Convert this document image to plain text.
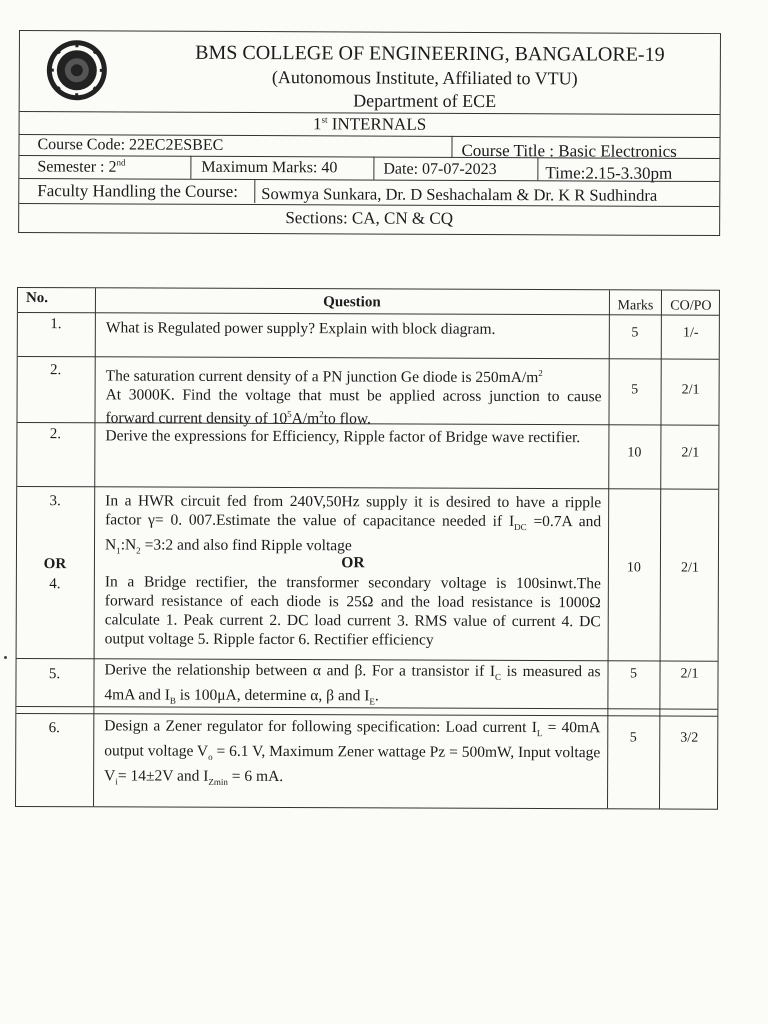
BMS COLLEGE OF ENGINEERING, BANGALORE-19
(Autonomous Institute, Affiliated to VTU)
Department of ECE
1st INTERNALS
Course Code: 22EC2ESBEC	Course Title : Basic Electronics
Semester : 2nd	Maximum Marks: 40	Date: 07-07-2023	Time:2.15-3.30pm
Faculty Handling the Course: Sowmya Sunkara, Dr. D Seshachalam & Dr. K R Sudhindra
Sections: CA, CN & CQ
No.	Question	Marks	CO/PO
1.	What is Regulated power supply? Explain with block diagram.	5	1/-
2.	The saturation current density of a PN junction Ge diode is $250mA/m^2$
At 3000K. Find the voltage that must be applied across junction to cause forward current density of $10^5A/m^2to$ flow.
5	2/1
2.	Derive the expressions for Efficiency, Ripple factor of Bridge wave rectifier.
10	2/1
3.	In a HWR circuit fed from 240V,50Hz supply it is desired to have a ripple factor γ= 0. 007.Estimate the value of capacitance needed if $I_{DC} =0.7A$ and $N_1:N_2$ =3:2 and also find Ripple voltage
OR	OR
4.	In a Bridge rectifier, the transformer secondary voltage is 100sinwt.The forward resistance of each diode is 25Ω and the load resistance is 1000Ω calculate 1. Peak current 2. DC load current 3. RMS value of current 4. DC output voltage 5. Ripple factor 6. Rectifier efficiency
10	2/1
5.	Derive the relationship between α and β. For a transistor if $I_C$ is measured as 4mA and $I_B$ is 100μA, determine α, β and $I_E$.
5	2/1
6.	Design a Zener regulator for following specification: Load current $I_L = 40mA$ output voltage $V_o = 6.1$ V, Maximum Zener wattage Pz = 500mW, Input voltage $V_i= 14\pm 2V$ and $I_{Zmin} = 6$ mA.
5	3/2
